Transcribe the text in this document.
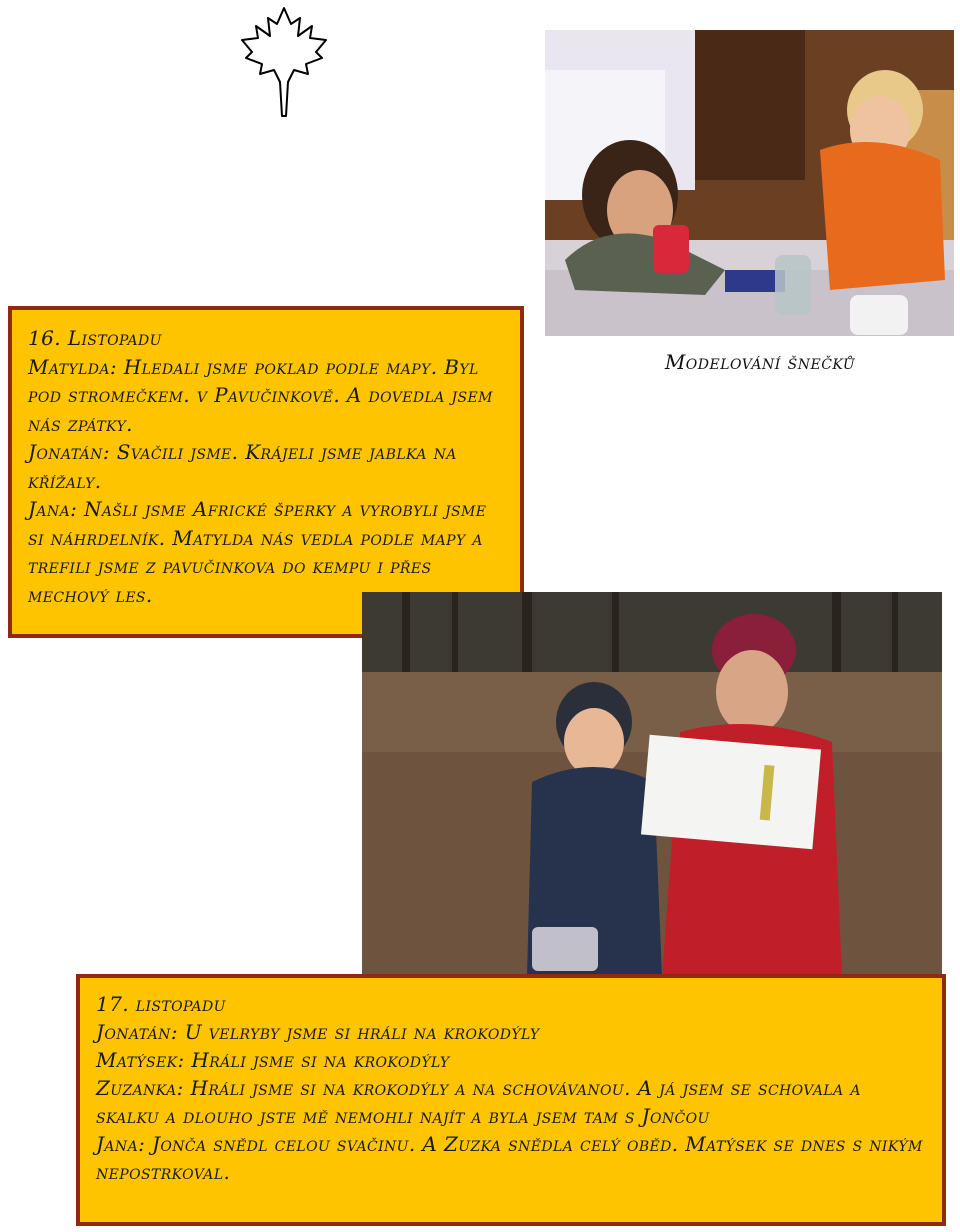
Modelování šnečků

16. Listopadu

Matylda: Hledali jsme poklad podle mapy. Byl pod stromečkem. v Pavučinkově. A dovedla jsem nás zpátky.

Jonatán: Svačili jsme. Krájeli jsme jablka na křížaly.

Jana: Našli jsme Africké šperky a vyrobyli jsme si náhrdelník. Matylda nás vedla podle mapy a trefili jsme z pavučinkova do kempu i přes mechový les.

17. listopadu

Jonatán: U velryby jsme si hráli na krokodýly

Matýsek: Hráli jsme si na krokodýly

Zuzanka: Hráli jsme si na krokodýly a na schovávanou. A já jsem se schovala a skalku a dlouho jste mě nemohli najít a byla jsem tam s Jončou

Jana: Jonča snědl celou svačinu. A Zuzka snědla celý oběd. Matýsek se dnes s nikým nepostrkoval.
